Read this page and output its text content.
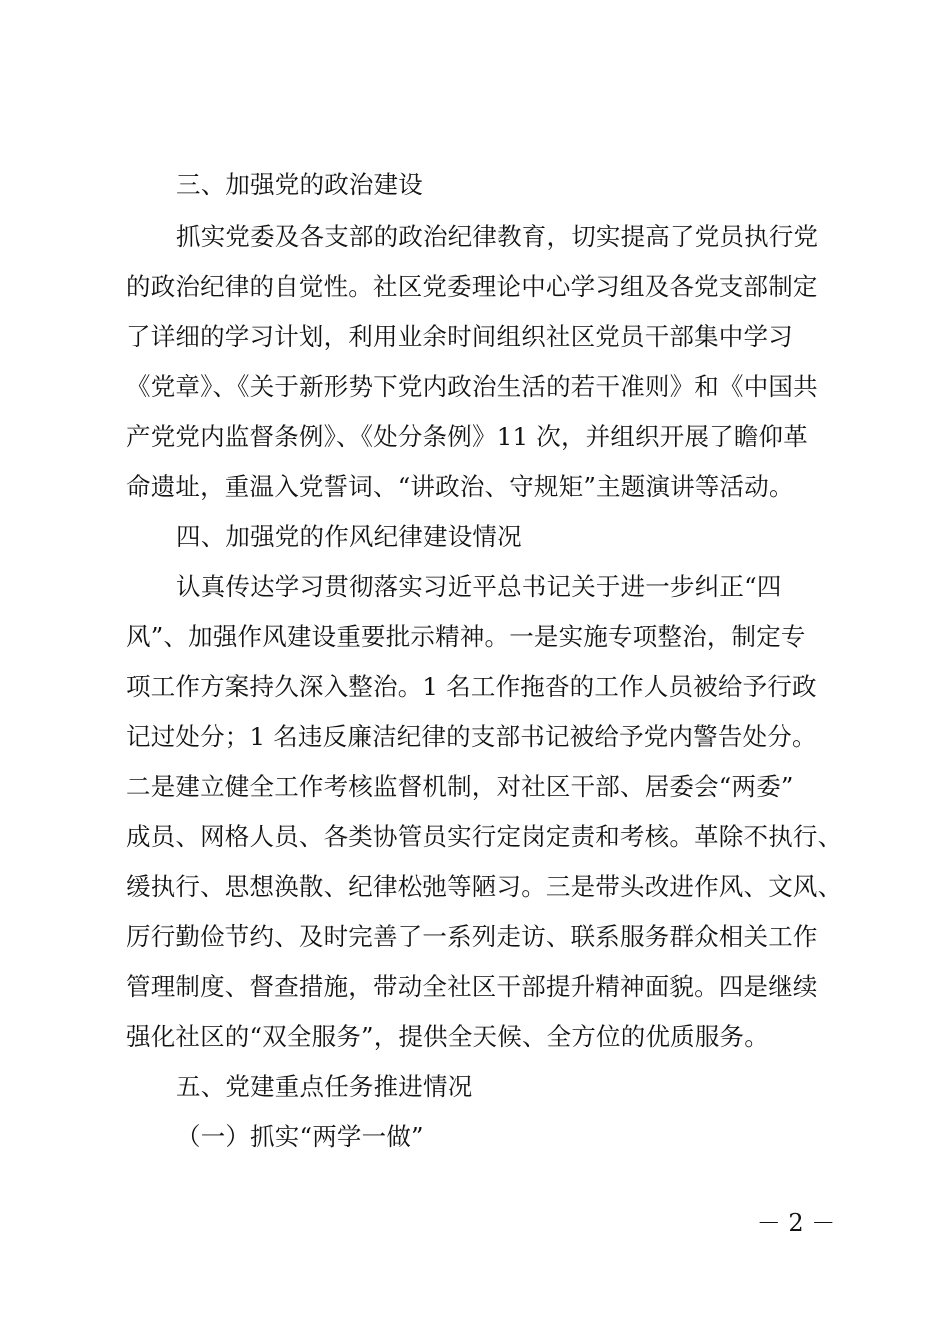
三、加强党的政治建设
抓实党委及各支部的政治纪律教育，切实提高了党员执行党
的政治纪律的自觉性。社区党委理论中心学习组及各党支部制定
了详细的学习计划，利用业余时间组织社区党员干部集中学习
《党章》、《关于新形势下党内政治生活的若干准则》和《中国共
产党党内监督条例》、《处分条例》11 次，并组织开展了瞻仰革
命遗址，重温入党誓词、“讲政治、守规矩”主题演讲等活动。
四、加强党的作风纪律建设情况
认真传达学习贯彻落实习近平总书记关于进一步纠正“四
风”、加强作风建设重要批示精神。一是实施专项整治，制定专
项工作方案持久深入整治。1 名工作拖沓的工作人员被给予行政
记过处分；1 名违反廉洁纪律的支部书记被给予党内警告处分。
二是建立健全工作考核监督机制，对社区干部、居委会“两委”
成员、网格人员、各类协管员实行定岗定责和考核。革除不执行、
缓执行、思想涣散、纪律松弛等陋习。三是带头改进作风、文风、
厉行勤俭节约、及时完善了一系列走访、联系服务群众相关工作
管理制度、督查措施，带动全社区干部提升精神面貌。四是继续
强化社区的“双全服务”，提供全天候、全方位的优质服务。
五、党建重点任务推进情况
（一）抓实“两学一做”
－ 2 －
